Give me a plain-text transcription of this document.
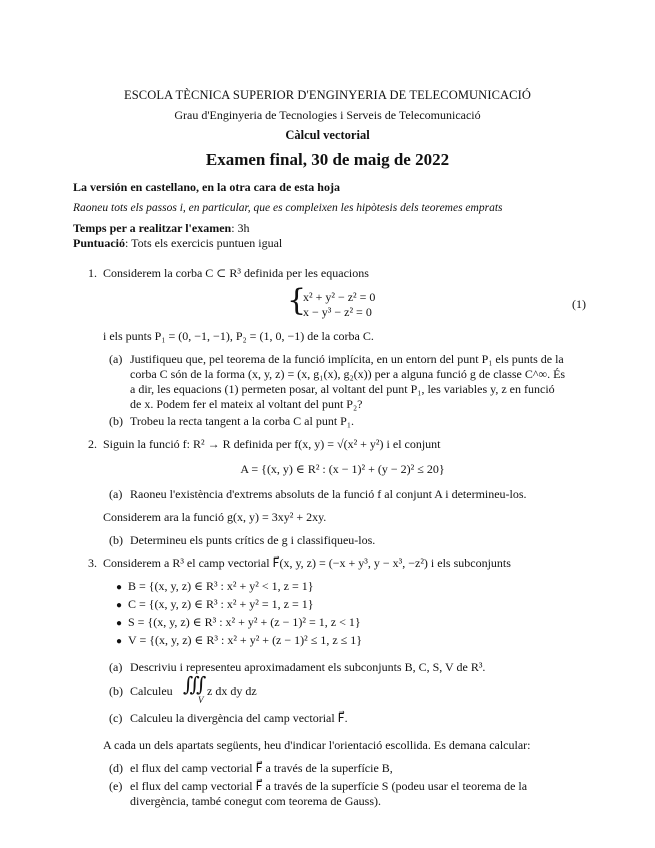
ESCOLA TÈCNICA SUPERIOR D'ENGINYERIA DE TELECOMUNICACIÓ
Grau d'Enginyeria de Tecnologies i Serveis de Telecomunicació
Càlcul vectorial
Examen final, 30 de maig de 2022
La versión en castellano, en la otra cara de esta hoja
Raoneu tots els passos i, en particular, que es compleixen les hipòtesis dels teoremes emprats
Temps per a realitzar l'examen: 3h
Puntuació: Tots els exercicis puntuen igual
1. Considerem la corba C ⊂ R³ definida per les equacions
{
x² + y² − z² = 0
x − y³ − z² = 0
(1)
i els punts P₁ = (0, −1, −1), P₂ = (1, 0, −1) de la corba C.
(a) Justifiqueu que, pel teorema de la funció implícita, en un entorn del punt P₁ els punts de la
corba C són de la forma (x, y, z) = (x, g₁(x), g₂(x)) per a alguna funció g de classe C^∞. És
a dir, les equacions (1) permeten posar, al voltant del punt P₁, les variables y, z en funció
de x. Podem fer el mateix al voltant del punt P₂?
(b) Trobeu la recta tangent a la corba C al punt P₁.
2. Siguin la funció f: R² → R definida per f(x, y) = √(x² + y²) i el conjunt
A = {(x, y) ∈ R² : (x − 1)² + (y − 2)² ≤ 20}
(a) Raoneu l'existència d'extrems absoluts de la funció f al conjunt A i determineu-los.
Considerem ara la funció g(x, y) = 3xy² + 2xy.
(b) Determineu els punts crítics de g i classifiqueu-los.
3. Considerem a R³ el camp vectorial F⃗(x, y, z) = (−x + y³, y − x³, −z²) i els subconjunts
● B = {(x, y, z) ∈ R³ : x² + y² < 1, z = 1}
● C = {(x, y, z) ∈ R³ : x² + y² = 1, z = 1}
● S = {(x, y, z) ∈ R³ : x² + y² + (z − 1)² = 1, z < 1}
● V = {(x, y, z) ∈ R³ : x² + y² + (z − 1)² ≤ 1, z ≤ 1}
(a) Descriviu i representeu aproximadament els subconjunts B, C, S, V de R³.
(b) Calculeu ∭
V
z dx dy dz
(c) Calculeu la divergència del camp vectorial F⃗.
A cada un dels apartats següents, heu d'indicar l'orientació escollida. Es demana calcular:
(d) el flux del camp vectorial F⃗ a través de la superfície B,
(e) el flux del camp vectorial F⃗ a través de la superfície S (podeu usar el teorema de la
divergència, també conegut com teorema de Gauss).
